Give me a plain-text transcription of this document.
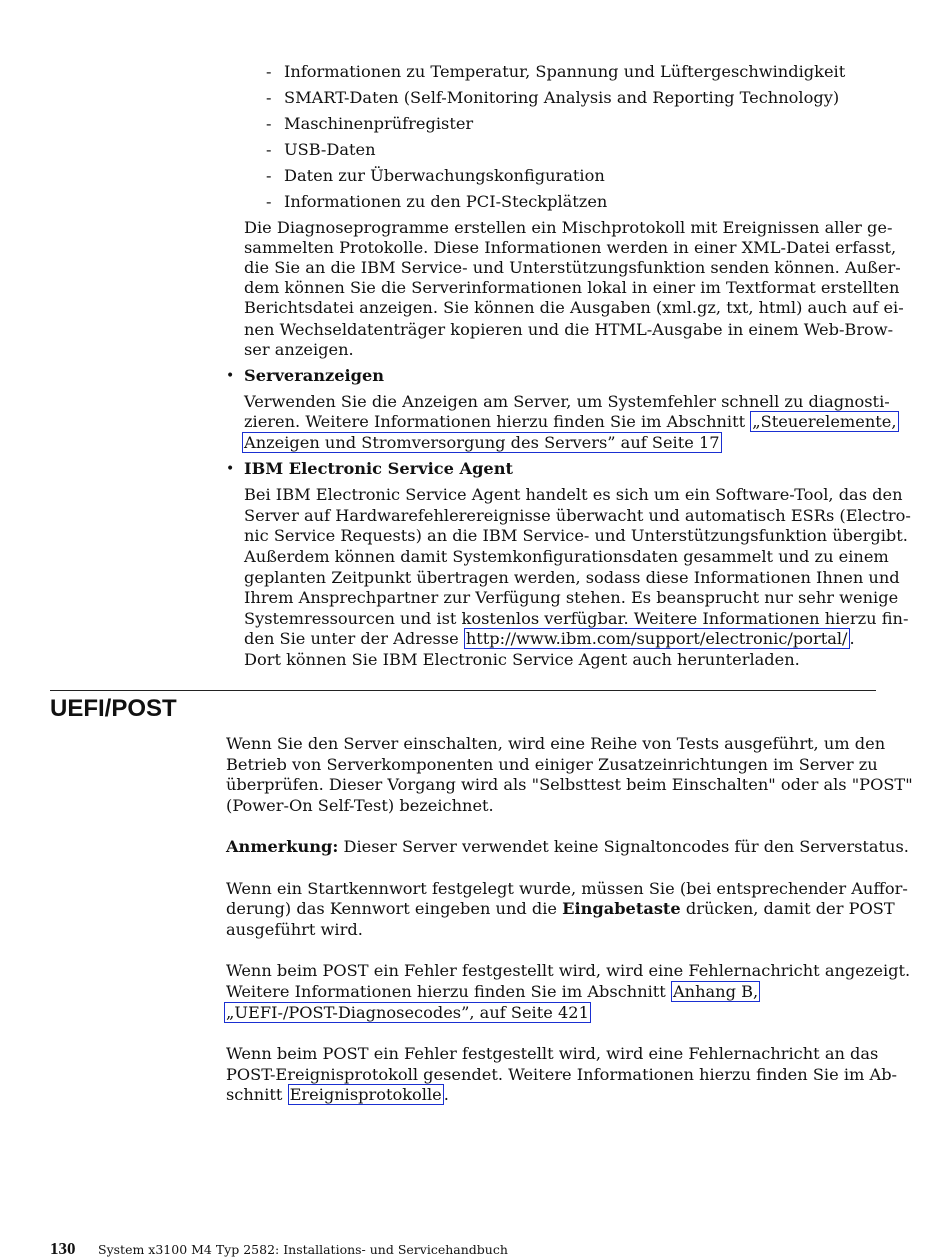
- Informationen zu Temperatur, Spannung und Lüftergeschwindigkeit
- SMART-Daten (Self-Monitoring Analysis and Reporting Technology)
- Maschinenprüfregister
- USB-Daten
- Daten zur Überwachungskonfiguration
- Informationen zu den PCI-Steckplätzen
Die Diagnoseprogramme erstellen ein Mischprotokoll mit Ereignissen aller ge-
sammelten Protokolle. Diese Informationen werden in einer XML-Datei erfasst,
die Sie an die IBM Service- und Unterstützungsfunktion senden können. Außer-
dem können Sie die Serverinformationen lokal in einer im Textformat erstellten
Berichtsdatei anzeigen. Sie können die Ausgaben (xml.gz, txt, html) auch auf ei-
nen Wechseldatenträger kopieren und die HTML-Ausgabe in einem Web-Brow-
ser anzeigen.
• Serveranzeigen
Verwenden Sie die Anzeigen am Server, um Systemfehler schnell zu diagnosti-
zieren. Weitere Informationen hierzu finden Sie im Abschnitt „Steuerelemente,
Anzeigen und Stromversorgung des Servers” auf Seite 17
• IBM Electronic Service Agent
Bei IBM Electronic Service Agent handelt es sich um ein Software-Tool, das den
Server auf Hardwarefehlerereignisse überwacht und automatisch ESRs (Electro-
nic Service Requests) an die IBM Service- und Unterstützungsfunktion übergibt.
Außerdem können damit Systemkonfigurationsdaten gesammelt und zu einem
geplanten Zeitpunkt übertragen werden, sodass diese Informationen Ihnen und
Ihrem Ansprechpartner zur Verfügung stehen. Es beansprucht nur sehr wenige
Systemressourcen und ist kostenlos verfügbar. Weitere Informationen hierzu fin-
den Sie unter der Adresse http://www.ibm.com/support/electronic/portal/ .
Dort können Sie IBM Electronic Service Agent auch herunterladen.
UEFI/POST
Wenn Sie den Server einschalten, wird eine Reihe von Tests ausgeführt, um den
Betrieb von Serverkomponenten und einiger Zusatzeinrichtungen im Server zu
überprüfen. Dieser Vorgang wird als "Selbsttest beim Einschalten" oder als "POST"
(Power-On Self-Test) bezeichnet.
Anmerkung: Dieser Server verwendet keine Signaltoncodes für den Serverstatus.
Wenn ein Startkennwort festgelegt wurde, müssen Sie (bei entsprechender Auffor-
derung) das Kennwort eingeben und die Eingabetaste drücken, damit der POST
ausgeführt wird.
Wenn beim POST ein Fehler festgestellt wird, wird eine Fehlernachricht angezeigt.
Weitere Informationen hierzu finden Sie im Abschnitt Anhang B,
„UEFI-/POST-Diagnosecodes”, auf Seite 421
Wenn beim POST ein Fehler festgestellt wird, wird eine Fehlernachricht an das
POST-Ereignisprotokoll gesendet. Weitere Informationen hierzu finden Sie im Ab-
schnitt Ereignisprotokolle .
130 System x3100 M4 Typ 2582: Installations- und Servicehandbuch
